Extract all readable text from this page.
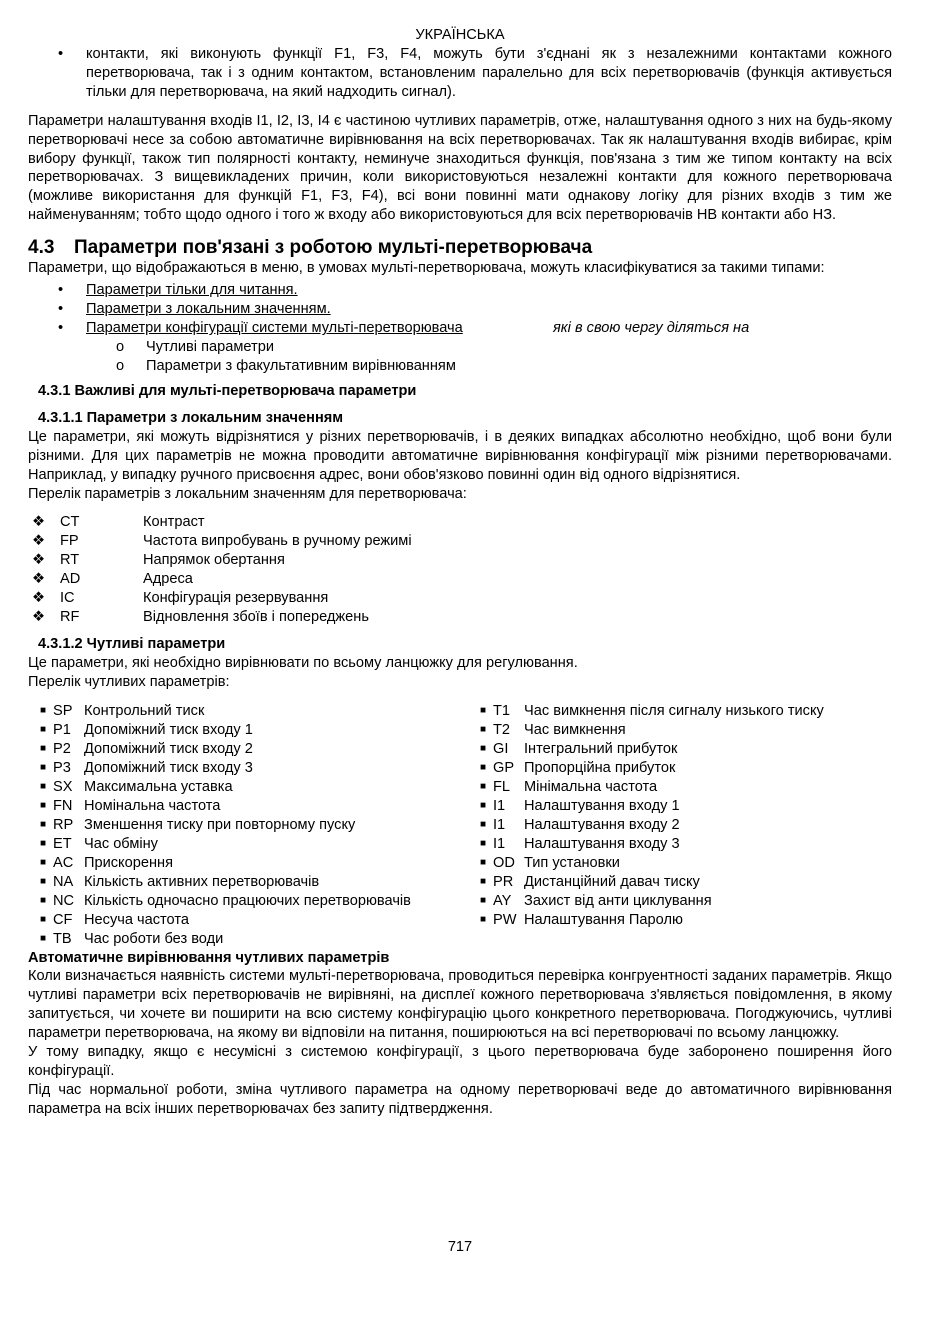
УКРАЇНСЬКА
• контакти, які виконують функції F1, F3, F4, можуть бути з'єднані як з незалежними контактами кожного перетворювача, так і з одним контактом, встановленим паралельно для всіх перетворювачів (функція активується тільки для перетворювача, на який надходить сигнал).

Параметри налаштування входів I1, I2, I3, I4 є частиною чутливих параметрів, отже, налаштування одного з них на будь-якому перетворювачі несе за собою автоматичне вирівнювання на всіх перетворювачах. Так як налаштування входів вибирає, крім вибору функції, також тип полярності контакту, неминуче знаходиться функція, пов'язана з тим же типом контакту на всіх перетворювачах. З вищевикладених причин, коли використовуються незалежні контакти для кожного перетворювача (можливе використання для функцій F1, F3, F4), всі вони повинні мати однакову логіку для різних входів з тим же найменуванням; тобто щодо одного і того ж входу або використовуються для всіх перетворювачів НВ контакти або НЗ.

4.3 Параметри пов'язані з роботою мульті-перетворювача

Параметри, що відображаються в меню, в умовах мульті-перетворювача, можуть класифікуватися за такими типами:

• Параметри тільки для читання.
• Параметри з локальним значенням.
• Параметри конфігурації системи мульті-перетворювача	які в свою чергу діляться на
o Чутливі параметри
o Параметри з факультативним вирівнюванням
4.3.1 Важливі для мульті-перетворювача параметри
4.3.1.1 Параметри з локальним значенням

Це параметри, які можуть відрізнятися у різних перетворювачів, і в деяких випадках абсолютно необхідно, щоб вони були різними. Для цих параметрів не можна проводити автоматичне вирівнювання конфігурації між різними перетворювачами. Наприклад, у випадку ручного присвоєння адрес, вони обов'язково повинні один від одного відрізнятися.

Перелік параметрів з локальним значенням для перетворювача:

❖ CT	Контраст
❖ FP	Частота випробувань в ручному режимі
❖ RT	Напрямок обертання
❖ AD	Адреса
❖ IC	Конфігурація резервування
❖ RF	Відновлення збоїв і попереджень
4.3.1.2 Чутливі параметри

Це параметри, які необхідно вирівнювати по всьому ланцюжку для регулювання.

Перелік чутливих параметрів:

■ SP Контрольний тиск
■ P1 Допоміжний тиск входу 1
■ P2 Допоміжний тиск входу 2
■ P3 Допоміжний тиск входу 3
■ SX Максимальна уставка
■ FN Номінальна частота
■ RP Зменшення тиску при повторному пуску
■ ET Час обміну
■ AC Прискорення
■ NA Кількість активних перетворювачів
■ NC Кількість одночасно працюючих перетворювачів
■ CF Несуча частота
■ TB Час роботи без води
■ T1 Час вимкнення після сигналу низького тиску
■ T2 Час вимкнення
■ GI Інтегральний прибуток
■ GP Пропорційна прибуток
■ FL Мінімальна частота
■ I1 Налаштування входу 1
■ I1 Налаштування входу 2
■ I1 Налаштування входу 3
■ OD Тип установки
■ PR Дистанційний давач тиску
■ AY Захист від анти циклування
■ PW Налаштування Паролю

Автоматичне вирівнювання чутливих параметрів

Коли визначається наявність системи мульті-перетворювача, проводиться перевірка конгруентності заданих параметрів. Якщо чутливі параметри всіх перетворювачів не вирівняні, на дисплеї кожного перетворювача з'являється повідомлення, в якому запитується, чи хочете ви поширити на всю систему конфігурацію цього конкретного перетворювача. Погоджуючись, чутливі параметри перетворювача, на якому ви відповіли на питання, поширюються на всі перетворювачі по всьому ланцюжку.

У тому випадку, якщо є несумісні з системою конфігурації, з цього перетворювача буде заборонено поширення його конфігурації.

Під час нормальної роботи, зміна чутливого параметра на одному перетворювачі веде до автоматичного вирівнювання параметра на всіх інших перетворювачах без запиту підтвердження.

717
